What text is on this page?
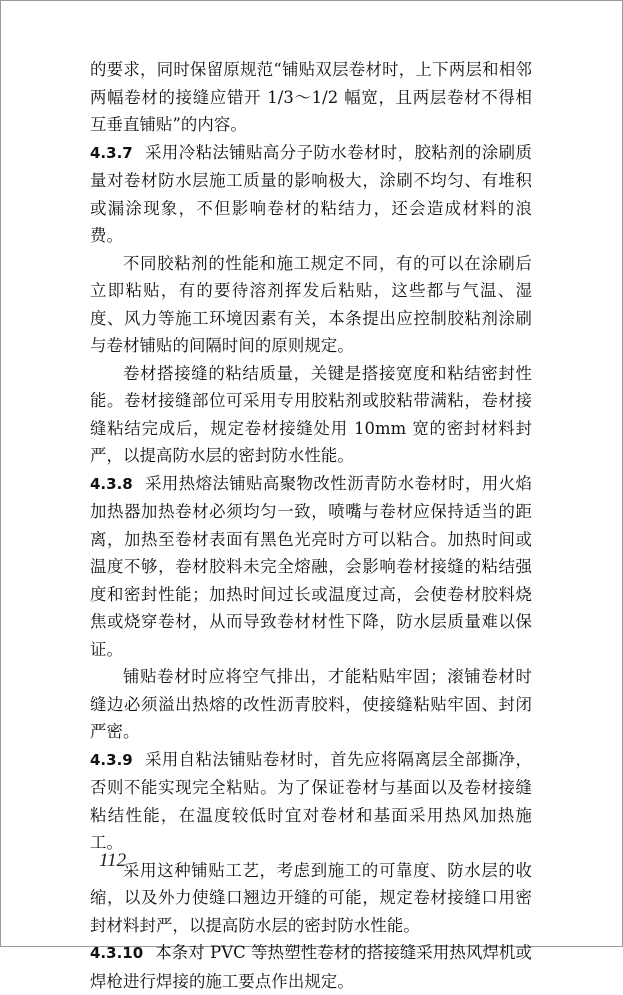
的要求，同时保留原规范“铺贴双层卷材时，上下两层和相邻两幅卷材的接缝应错开 1/3～1/2 幅宽，且两层卷材不得相互垂直铺贴”的内容。

4.3.7 采用冷粘法铺贴高分子防水卷材时，胶粘剂的涂刷质量对卷材防水层施工质量的影响极大，涂刷不均匀、有堆积或漏涂现象，不但影响卷材的粘结力，还会造成材料的浪费。

不同胶粘剂的性能和施工规定不同，有的可以在涂刷后立即粘贴，有的要待溶剂挥发后粘贴，这些都与气温、湿度、风力等施工环境因素有关，本条提出应控制胶粘剂涂刷与卷材铺贴的间隔时间的原则规定。

卷材搭接缝的粘结质量，关键是搭接宽度和粘结密封性能。卷材接缝部位可采用专用胶粘剂或胶粘带满粘，卷材接缝粘结完成后，规定卷材接缝处用 10mm 宽的密封材料封严，以提高防水层的密封防水性能。

4.3.8 采用热熔法铺贴高聚物改性沥青防水卷材时，用火焰加热器加热卷材必须均匀一致，喷嘴与卷材应保持适当的距离，加热至卷材表面有黑色光亮时方可以粘合。加热时间或温度不够，卷材胶料未完全熔融，会影响卷材接缝的粘结强度和密封性能；加热时间过长或温度过高，会使卷材胶料烧焦或烧穿卷材，从而导致卷材材性下降，防水层质量难以保证。

铺贴卷材时应将空气排出，才能粘贴牢固；滚铺卷材时缝边必须溢出热熔的改性沥青胶料，使接缝粘贴牢固、封闭严密。

4.3.9 采用自粘法铺贴卷材时，首先应将隔离层全部撕净，否则不能实现完全粘贴。为了保证卷材与基面以及卷材接缝粘结性能，在温度较低时宜对卷材和基面采用热风加热施工。

采用这种铺贴工艺，考虑到施工的可靠度、防水层的收缩，以及外力使缝口翘边开缝的可能，规定卷材接缝口用密封材料封严，以提高防水层的密封防水性能。

4.3.10 本条对 PVC 等热塑性卷材的搭接缝采用热风焊机或焊枪进行焊接的施工要点作出规定。

112
